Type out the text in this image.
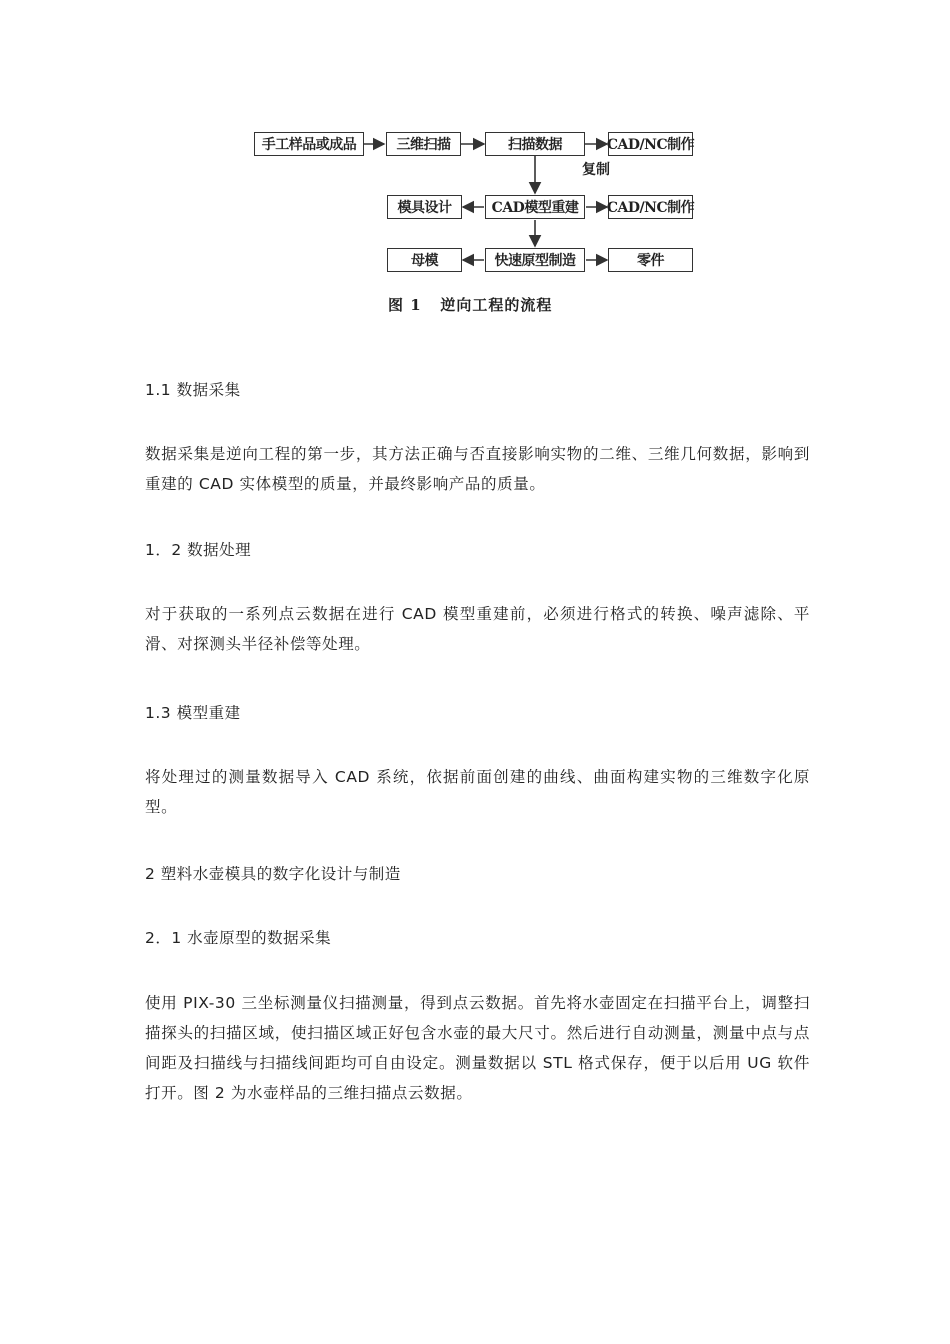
手工样品或成品	三维扫描	扫描数据	CAD/NC制作
复制
模具设计	CAD模型重建	CAD/NC制作
母模	快速原型制造	零件
图 1   逆向工程的流程
1.1 数据采集
数据采集是逆向工程的第一步，其方法正确与否直接影响实物的二维、三维几何数据，影响到重建的 CAD 实体模型的质量，并最终影响产品的质量。
1．2 数据处理
对于获取的一系列点云数据在进行 CAD 模型重建前，必须进行格式的转换、噪声滤除、平滑、对探测头半径补偿等处理。
1.3 模型重建
将处理过的测量数据导入 CAD 系统，依据前面创建的曲线、曲面构建实物的三维数字化原型。
2 塑料水壶模具的数字化设计与制造
2．1 水壶原型的数据采集
使用 PIX-30 三坐标测量仪扫描测量，得到点云数据。首先将水壶固定在扫描平台上，调整扫描探头的扫描区域，使扫描区域正好包含水壶的最大尺寸。然后进行自动测量，测量中点与点间距及扫描线与扫描线间距均可自由设定。测量数据以 STL 格式保存，便于以后用 UG 软件打开。图 2 为水壶样品的三维扫描点云数据。
